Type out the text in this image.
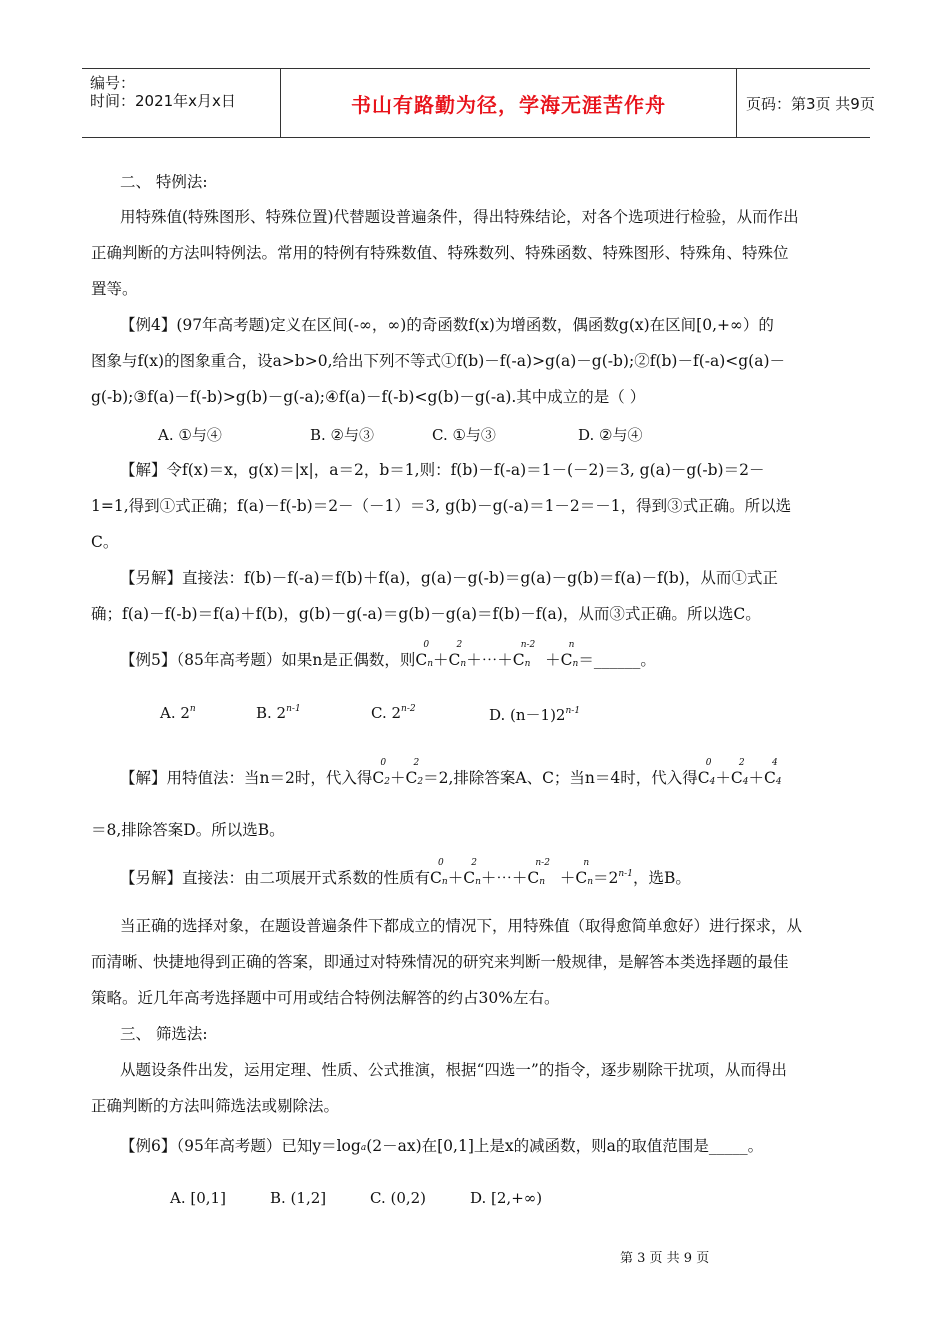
编号：
时间：2021年x月x日	书山有路勤为径，学海无涯苦作舟	页码：第3页 共9页
二、 特例法:
用特殊值(特殊图形、特殊位置)代替题设普遍条件，得出特殊结论，对各个选项进行检验，从而作出
正确判断的方法叫特例法。常用的特例有特殊数值、特殊数列、特殊函数、特殊图形、特殊角、特殊位
置等。
【例4】(97年高考题)定义在区间(-∞，∞)的奇函数f(x)为增函数，偶函数g(x)在区间[0,+∞）的
图象与f(x)的图象重合，设a>b>0,给出下列不等式①f(b)－f(-a)>g(a)－g(-b);②f(b)－f(-a)<g(a)－
g(-b);③f(a)－f(-b)>g(b)－g(-a);④f(a)－f(-b)<g(b)－g(-a).其中成立的是（ ）
A. ①与④	B. ②与③	C. ①与③	D. ②与④
【解】令f(x)＝x，g(x)＝|x|，a＝2，b＝1,则：f(b)－f(-a)＝1－(－2)＝3, g(a)－g(-b)＝2－
1=1,得到①式正确；f(a)－f(-b)＝2－（－1）＝3, g(b)－g(-a)＝1－2＝－1，得到③式正确。所以选
C。
【另解】直接法：f(b)－f(-a)＝f(b)＋f(a)，g(a)－g(-b)＝g(a)－g(b)＝f(a)－f(b)，从而①式正
确；f(a)－f(-b)＝f(a)＋f(b)，g(b)－g(-a)＝g(b)－g(a)＝f(b)－f(a)，从而③式正确。所以选C。
【例5】（85年高考题）如果n是正偶数，则C
0
n＋C
2
n＋⋯＋C
n-2
n   ＋C
n
n＝______。
A. 2$^n$	B. 2$^{n-1}$	C. 2$^{n-2}$	D. $(n-1)2^{n-1}$
【解】用特值法：当n＝2时，代入得C
0
2＋C
2
2＝2,排除答案A、C；当n＝4时，代入得C
0
4＋C
2
4＋C
4
4
＝8,排除答案D。所以选B。
【另解】直接法：由二项展开式系数的性质有C
0
n＋C
2
n＋⋯＋C
n-2
n   ＋C
n
$n=2^{n-1}$，选B。
当正确的选择对象，在题设普遍条件下都成立的情况下，用特殊值（取得愈简单愈好）进行探求，从
而清晰、快捷地得到正确的答案，即通过对特殊情况的研究来判断一般规律，是解答本类选择题的最佳
策略。近几年高考选择题中可用或结合特例法解答的约占30%左右。
三、 筛选法:
从题设条件出发，运用定理、性质、公式推演，根据“四选一”的指令，逐步剔除干扰项，从而得出
正确判断的方法叫筛选法或剔除法。
【例6】（95年高考题）已知y＝loga(2－ax)在[0,1]上是x的减函数，则a的取值范围是_____。
A. [0,1]	B. (1,2]	C. (0,2)	D. [2,+∞)
第 3 页 共 9 页
